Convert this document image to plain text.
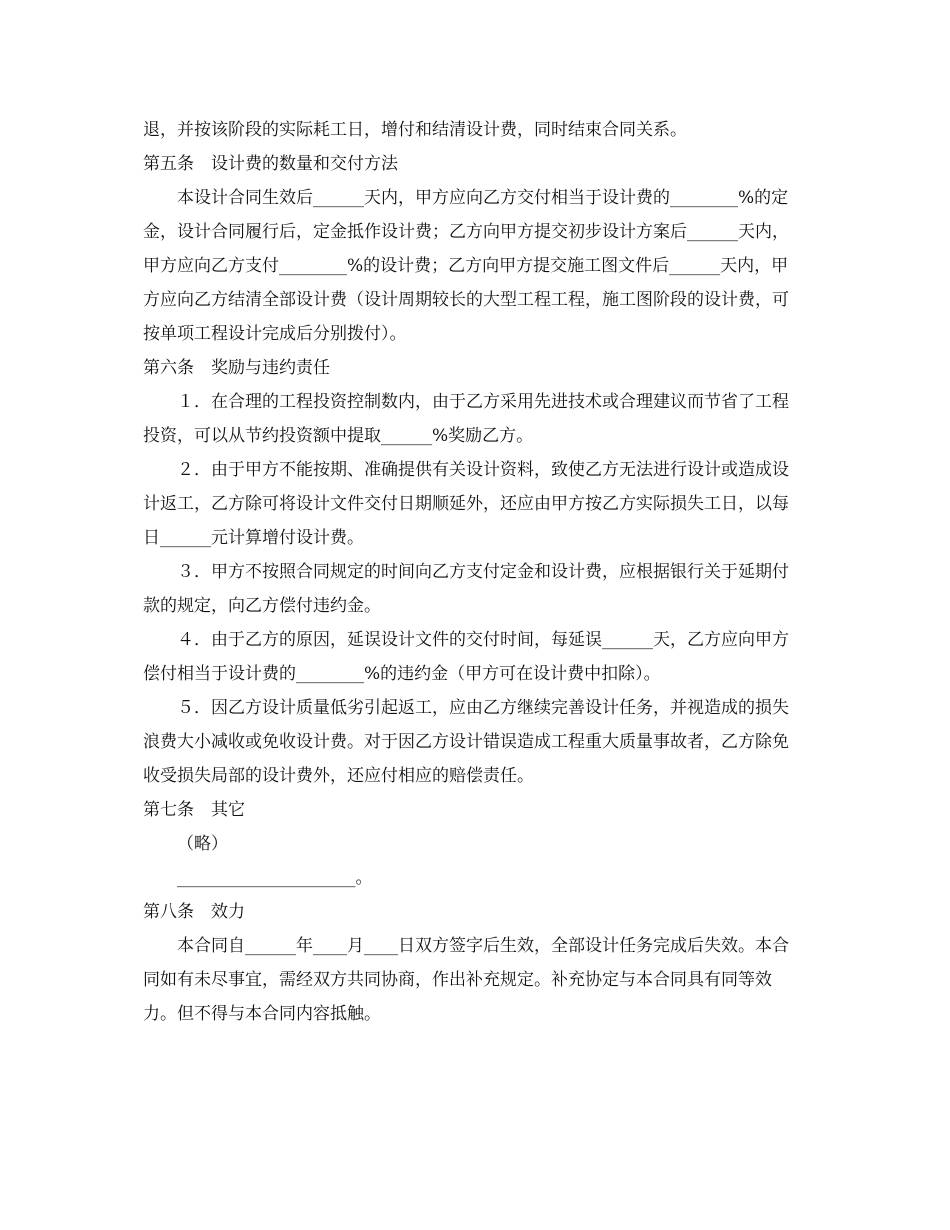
退，并按该阶段的实际耗工日，增付和结清设计费，同时结束合同关系。

第五条　设计费的数量和交付方法

本设计合同生效后______天内，甲方应向乙方交付相当于设计费的________%的定金，设计合同履行后，定金抵作设计费；乙方向甲方提交初步设计方案后______天内，甲方应向乙方支付________%的设计费；乙方向甲方提交施工图文件后______天内，甲方应向乙方结清全部设计费（设计周期较长的大型工程工程，施工图阶段的设计费，可按单项工程设计完成后分别拨付）。

第六条　奖励与违约责任

１．在合理的工程投资控制数内，由于乙方采用先进技术或合理建议而节省了工程投资，可以从节约投资额中提取______%奖励乙方。

２．由于甲方不能按期、准确提供有关设计资料，致使乙方无法进行设计或造成设计返工，乙方除可将设计文件交付日期顺延外，还应由甲方按乙方实际损失工日，以每日______元计算增付设计费。

３．甲方不按照合同规定的时间向乙方支付定金和设计费，应根据银行关于延期付款的规定，向乙方偿付违约金。

４．由于乙方的原因，延误设计文件的交付时间，每延误______天，乙方应向甲方偿付相当于设计费的________%的违约金（甲方可在设计费中扣除）。

５．因乙方设计质量低劣引起返工，应由乙方继续完善设计任务，并视造成的损失浪费大小减收或免收设计费。对于因乙方设计错误造成工程重大质量事故者，乙方除免收受损失局部的设计费外，还应付相应的赔偿责任。

第七条　其它

（略）

_____________________。

第八条　效力

本合同自______年____月____日双方签字后生效，全部设计任务完成后失效。本合同如有未尽事宜，需经双方共同协商，作出补充规定。补充协定与本合同具有同等效力。但不得与本合同内容抵触。
